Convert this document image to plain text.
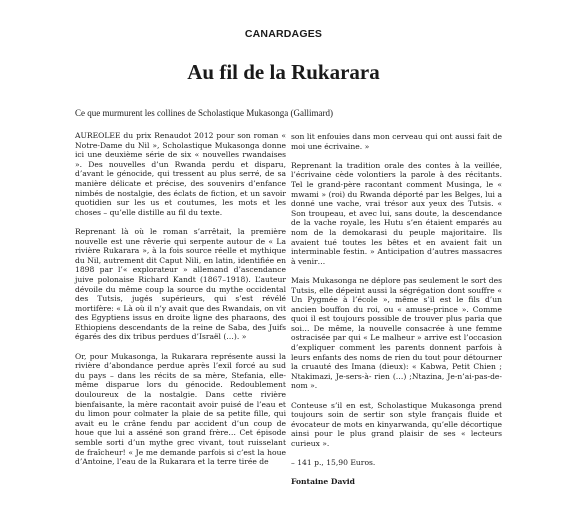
CANARDAGES
Au fil de la Rukarara
Ce que murmurent les collines de Scholastique Mukasonga (Gallimard)

AUREOLEE du prix Renaudot 2012 pour son roman « Notre-Dame du Nil », Scholastique Mukasonga donne ici une deuxième série de six « nouvelles rwandaises ». Des nouvelles d’un Rwanda perdu et disparu, d’avant le génocide, qui tressent au plus serré, de sa manière délicate et précise, des souvenirs d’enfance nimbés de nostalgie, des éclats de fiction, et un savoir quotidien sur les us et coutumes, les mots et les choses – qu’elle distille au fil du texte.

Reprenant là où le roman s’arrêtait, la première nouvelle est une rêverie qui serpente autour de « La rivière Rukarara », à la fois source réelle et mythique du Nil, autrement dit Caput Nili, en latin, identifiée en 1898 par l’« explorateur » allemand d’ascendance juive polonaise Richard Kandt (1867–1918). L’auteur dévoile du même coup la source du mythe occidental des Tutsis, jugés supérieurs, qui s’est révélé mortifère: « Là où il n’y avait que des Rwandais, on vit des Egyptiens issus en droite ligne des pharaons, des Ethiopiens descendants de la reine de Saba, des Juifs égarés des dix tribus perdues d’Israël (…). »

Or, pour Mukasonga, la Rukarara représente aussi la rivière d’abondance perdue après l’exil forcé au sud du pays – dans les récits de sa mère, Stefania, elle-même disparue lors du génocide. Redoublement douloureux de la nostalgie. Dans cette rivière bienfaisante, la mère racontait avoir puisé de l’eau et du limon pour colmater la plaie de sa petite fille, qui avait eu le crâne fendu par accident d’un coup de houe que lui a asséné son grand frère… Cet épisode semble sorti d’un mythe grec vivant, tout ruisselant de fraîcheur! « Je me demande parfois si c’est la houe d’Antoine, l’eau de la Rukarara et la terre tirée de

son lit enfouies dans mon cerveau qui ont aussi fait de moi une écrivaine. »

Reprenant la tradition orale des contes à la veillée, l’écrivaine cède volontiers la parole à des récitants. Tel le grand-père racontant comment Musinga, le « mwami » (roi) du Rwanda déporté par les Belges, lui a donné une vache, vrai trésor aux yeux des Tutsis. « Son troupeau, et avec lui, sans doute, la descendance de la vache royale, les Hutu s’en étaient emparés au nom de la demokarasi du peuple majoritaire. Ils avaient tué toutes les bêtes et en avaient fait un interminable festin. » Anticipation d’autres massacres à venir…

Mais Mukasonga ne déplore pas seulement le sort des Tutsis, elle dépeint aussi la ségrégation dont souffre « Un Pygmée à l’école », même s’il est le fils d’un ancien bouffon du roi, ou « amuse-prince ». Comme quoi il est toujours possible de trouver plus paria que soi… De même, la nouvelle consacrée à une femme ostracisée par qui « Le malheur » arrive est l’occasion d’expliquer comment les parents donnent parfois à leurs enfants des noms de rien du tout pour détourner la cruauté des Imana (dieux): « Kabwa, Petit Chien ; Ntakimazi, Je-sers-à- rien (…) ;Ntazina, Je-n’ai-pas-de-nom ».

Conteuse s’il en est, Scholastique Mukasonga prend toujours soin de sertir son style français fluide et évocateur de mots en kinyarwanda, qu’elle décortique ainsi pour le plus grand plaisir de ses « lecteurs curieux ».

– 141 p., 15,90 Euros.

Fontaine David
